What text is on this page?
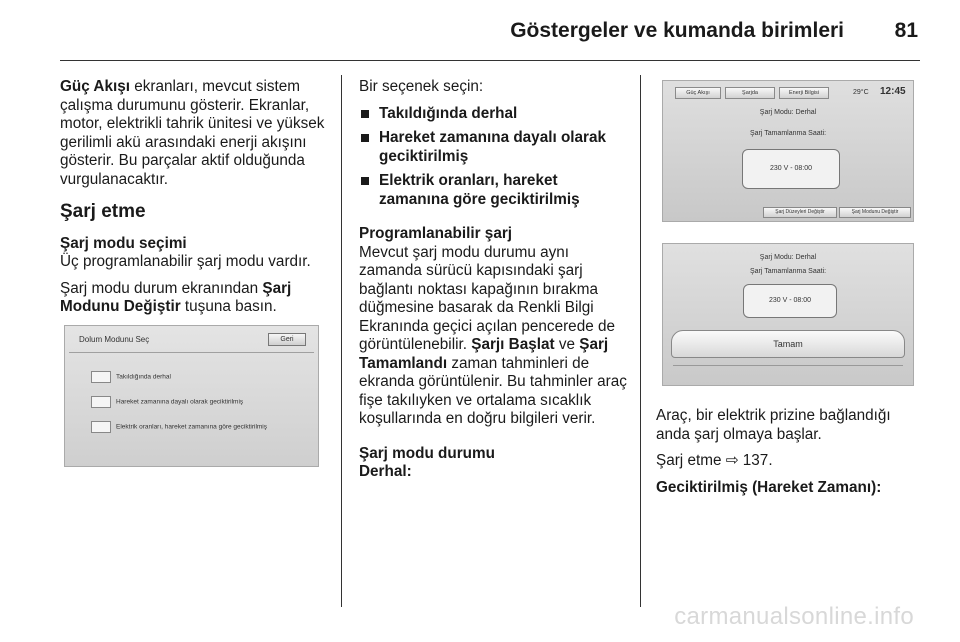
Göstergeler ve kumanda birimleri 81

Güç Akışı ekranları, mevcut sistem çalışma durumunu gösterir. Ekranlar, motor, elektrikli tahrik ünitesi ve yüksek gerilimli akü arasındaki enerji akışını gösterir. Bu parçalar aktif olduğunda vurgulanacaktır.

Şarj etme
Şarj modu seçimi

Üç programlanabilir şarj modu vardır.

Şarj modu durum ekranından Şarj Modunu Değiştir tuşuna basın.

Dolum Modunu Seç	Geri
Takıldığında derhal
Hareket zamanına dayalı olarak geciktirilmiş
Elektrik oranları, hareket zamanına göre geciktirilmiş

Bir seçenek seçin:

Takıldığında derhal
Hareket zamanına dayalı olarak geciktirilmiş
Elektrik oranları, hareket zamanına göre geciktirilmiş
Programlanabilir şarj

Mevcut şarj modu durumu aynı zamanda sürücü kapısındaki şarj bağlantı noktası kapağının bırakma düğmesine basarak da Renkli Bilgi Ekranında geçici açılan pencerede de görüntülenebilir. Şarjı Başlat ve Şarj Tamamlandı zaman tahminleri de ekranda görüntülenir. Bu tahminler araç fişe takılıyken ve ortalama sıcaklık koşullarında en doğru bilgileri verir.

Şarj modu durumu
Derhal:
Güç Akışı	Şarjda	Enerji Bilgisi	29°C 12:45
Şarj Modu: Derhal
Şarj Tamamlanma Saati:
230 V - 08:00
Şarj Düzeyleri Değiştir	Şarj Modunu Değiştir
Şarj Modu: Derhal
Şarj Tamamlanma Saati:
230 V - 08:00
Tamam

Araç, bir elektrik prizine bağlandığı anda şarj olmaya başlar.

Şarj etme ⇨ 137.

Geciktirilmiş (Hareket Zamanı):
carmanualsonline.info
